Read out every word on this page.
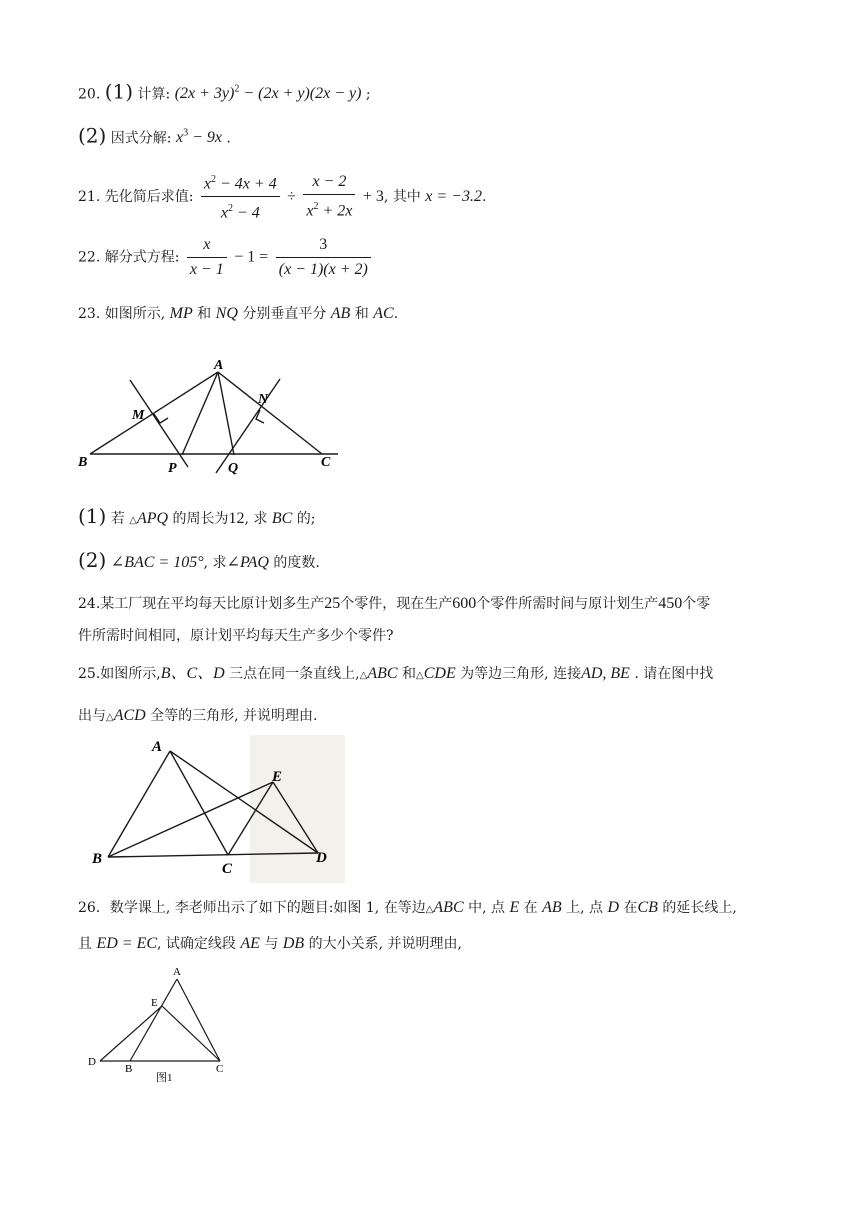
20. (1) 计算: $(2x + 3y)^2 - (2x + y)(2x - y)$ ;
(2) 因式分解: $x^3 - 9x$ .
21. 先化简后求值: $\frac{x^2 - 4x + 4}{x^2 - 4} \div \frac{x - 2}{x^2 + 2x} + 3$, 其中 x = −3.2.
22. 解分式方程: $\frac{x}{x - 1} - 1 = \frac{3}{(x - 1)(x + 2)}$
23. 如图所示, MP 和 NQ 分别垂直平分 AB 和 AC.
A
M
N
B	P	Q	C
(1) 若 △APQ 的周长为12, 求 BC 的;
(2) ∠BAC = 105°, 求∠PAQ 的度数.
24.某工厂现在平均每天比原计划多生产25个零件，现在生产600个零件所需时间与原计划生产450个零
件所需时间相同，原计划平均每天生产多少个零件?
25.如图所示,B、C、D 三点在同一条直线上,△ABC 和△CDE 为等边三角形, 连接AD, BE . 请在图中找
出与△ACD 全等的三角形, 并说明理由.
A
E
B
C
D
26．数学课上, 李老师出示了如下的题目:如图 1, 在等边△ABC 中, 点 E 在 AB 上, 点 D 在CB 的延长线上,
且 ED = EC, 试确定线段 AE 与 DB 的大小关系, 并说明理由,
A
E
D
B	C
图1
